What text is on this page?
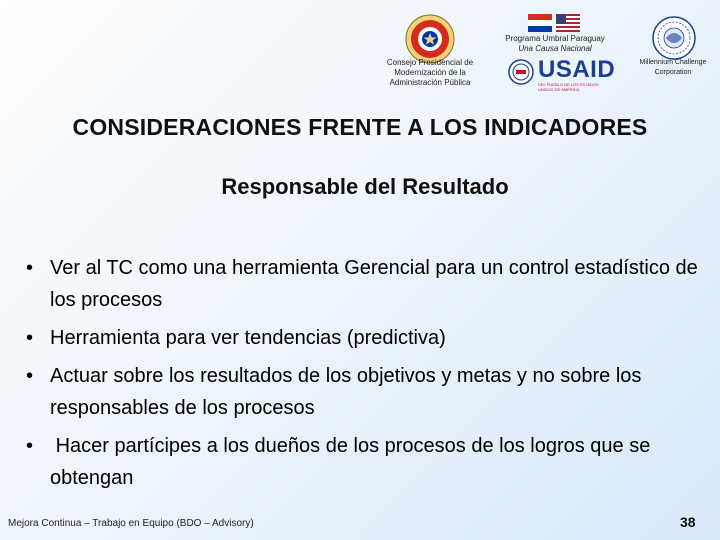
Consejo Presidencial de Modernización de la Administración Pública
Programa Umbral Paraguay
Una Causa Nacional
USAID
DEL PUEBLO DE LOS ESTADOS UNIDOS DE AMÉRICA
Millennium Challenge Corporation
CONSIDERACIONES FRENTE A LOS INDICADORES
Responsable del Resultado
• Ver al TC como una herramienta Gerencial para un control estadístico de los procesos
• Herramienta para ver tendencias (predictiva)
• Actuar sobre los resultados de los objetivos y metas y no sobre los responsables de los procesos
• Hacer partícipes a los dueños de los procesos de los logros que se obtengan
Mejora Continua – Trabajo en Equipo (BDO – Advisory)	38
